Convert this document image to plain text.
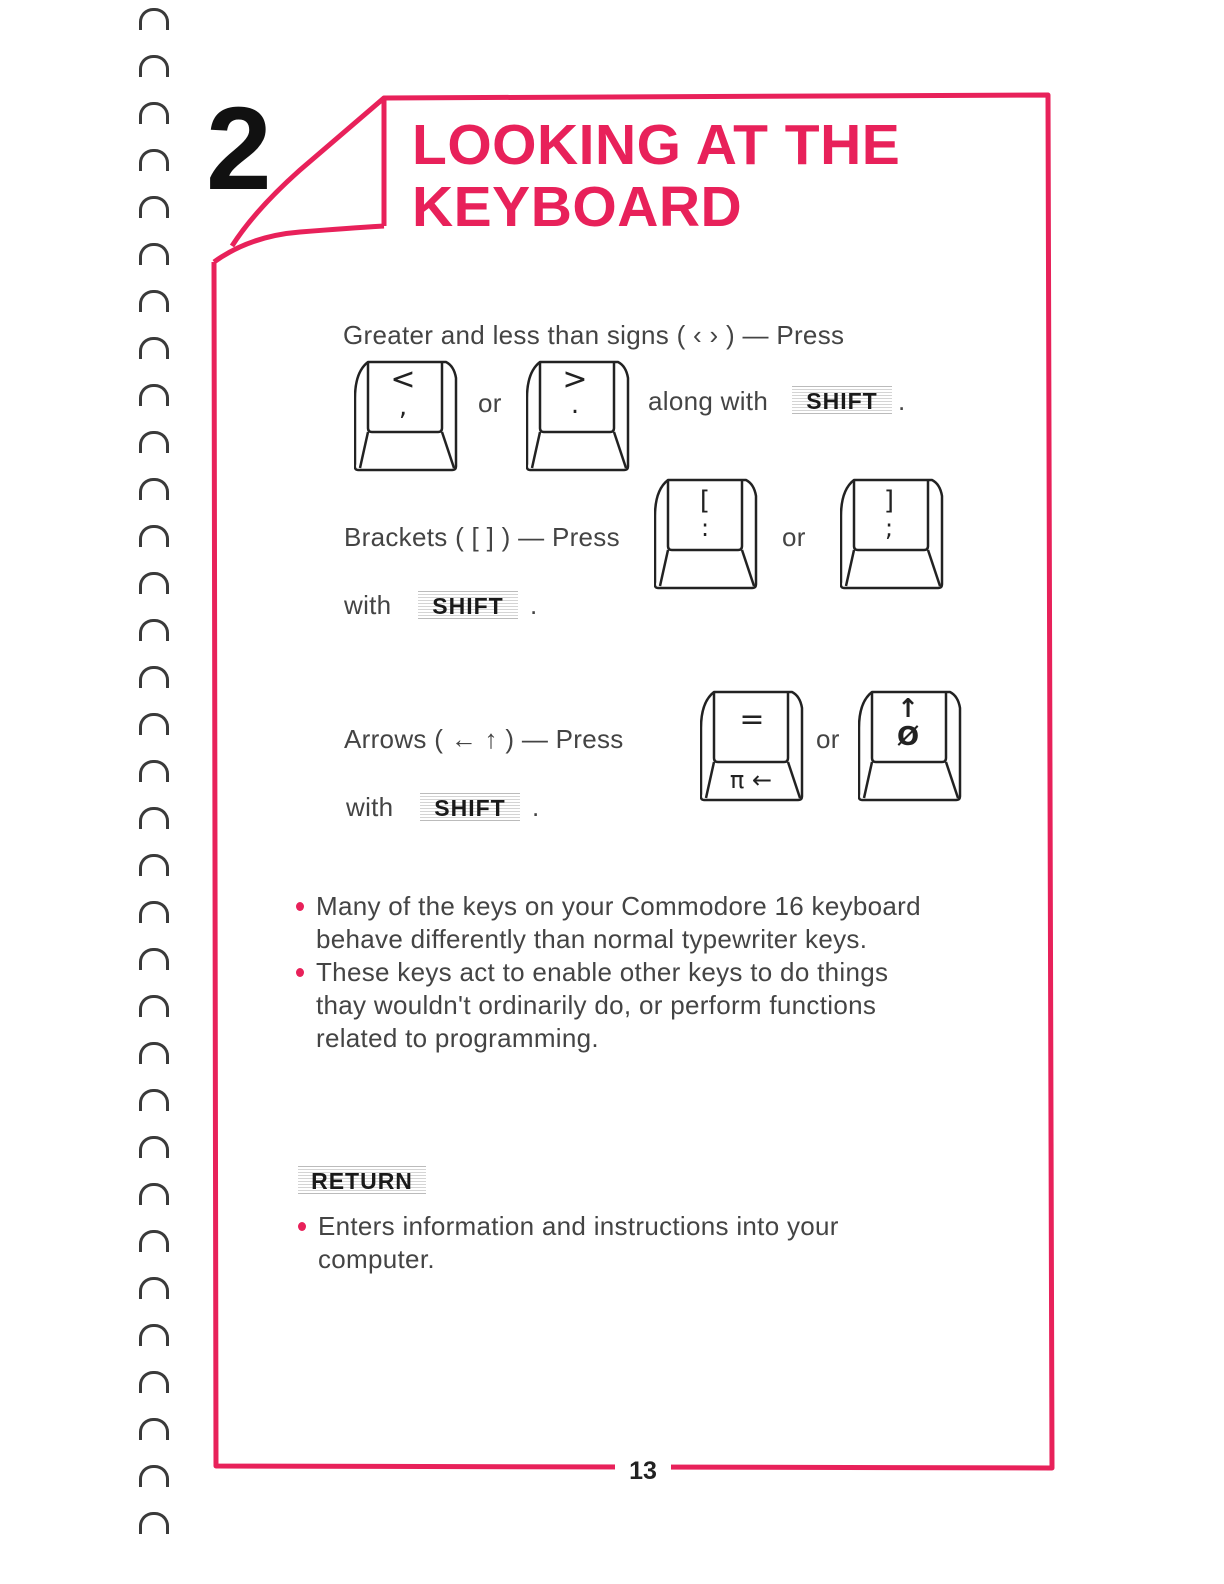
2	LOOKING AT THE
KEYBOARD
Greater and less than signs ( ‹ › ) — Press
<
,	or
>
.	along with	SHIFT .
Brackets ( [ ] ) — Press
[
:	or
]
;
with	SHIFT	.
Arrows ( ← ↑ ) — Press
=
π ←
or
↑
Ø
with	SHIFT	.
Many of the keys on your Commodore 16 keyboard behave differently than normal typewriter keys.
These keys act to enable other keys to do things thay wouldn't ordinarily do, or perform functions related to programming.
RETURN
Enters information and instructions into your computer.
13
